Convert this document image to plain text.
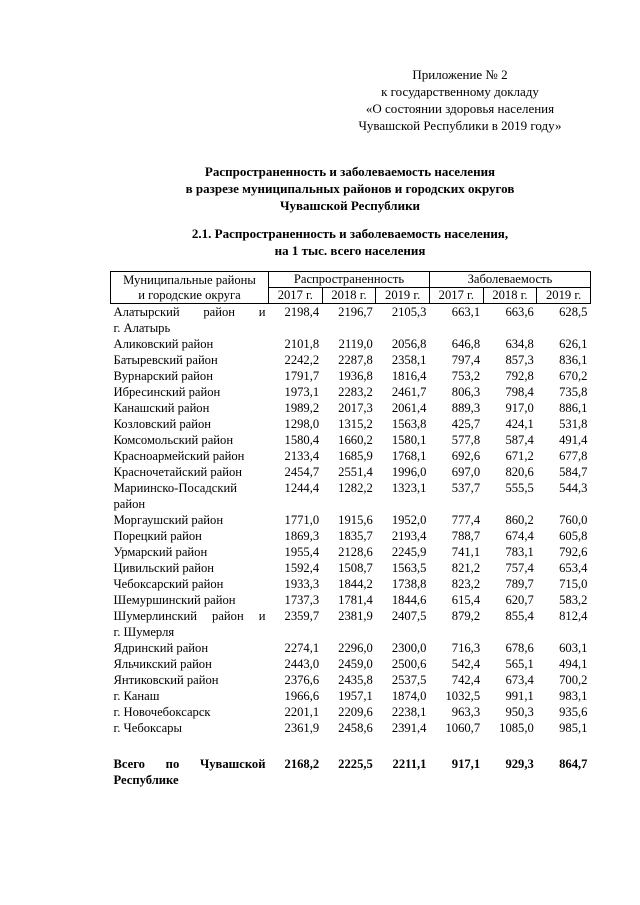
Приложение № 2
к государственному докладу
«О состоянии здоровья населения
Чувашской Республики в 2019 году»
Распространенность и заболеваемость населения
в разрезе муниципальных районов и городских округов
Чувашской Республики
2.1. Распространенность и заболеваемость населения,
на 1 тыс. всего населения
Муниципальные районы
и городские округа	Распространенность			Заболеваемость		
	2017 г.	2018 г.	2019 г.	2017 г.	2018 г.	2019 г.

Алатырский район и
г. Алатырь	2198,4	2196,7	2105,3	663,1	663,6	628,5

Аликовский район	2101,8	2119,0	2056,8	646,8	634,8	626,1

Батыревский район	2242,2	2287,8	2358,1	797,4	857,3	836,1

Вурнарский район	1791,7	1936,8	1816,4	753,2	792,8	670,2

Ибресинский район	1973,1	2283,2	2461,7	806,3	798,4	735,8

Канашский район	1989,2	2017,3	2061,4	889,3	917,0	886,1

Козловский район	1298,0	1315,2	1563,8	425,7	424,1	531,8

Комсомольский район	1580,4	1660,2	1580,1	577,8	587,4	491,4

Красноармейский район	2133,4	1685,9	1768,1	692,6	671,2	677,8

Красночетайский район	2454,7	2551,4	1996,0	697,0	820,6	584,7

Мариинско-Посадский
район	1244,4	1282,2	1323,1	537,7	555,5	544,3

Моргаушский район	1771,0	1915,6	1952,0	777,4	860,2	760,0

Порецкий район	1869,3	1835,7	2193,4	788,7	674,4	605,8

Урмарский район	1955,4	2128,6	2245,9	741,1	783,1	792,6

Цивильский район	1592,4	1508,7	1563,5	821,2	757,4	653,4

Чебоксарский район	1933,3	1844,2	1738,8	823,2	789,7	715,0

Шемуршинский район	1737,3	1781,4	1844,6	615,4	620,7	583,2

Шумерлинский район и
г. Шумерля	2359,7	2381,9	2407,5	879,2	855,4	812,4

Ядринский район	2274,1	2296,0	2300,0	716,3	678,6	603,1

Яльчикский район	2443,0	2459,0	2500,6	542,4	565,1	494,1

Янтиковский район	2376,6	2435,8	2537,5	742,4	673,4	700,2

г. Канаш	1966,6	1957,1	1874,0	1032,5	991,1	983,1

г. Новочебоксарск	2201,1	2209,6	2238,1	963,3	950,3	935,6

г. Чебоксары	2361,9	2458,6	2391,4	1060,7	1085,0	985,1

Всего по Чувашской
Республике	2168,2	2225,5	2211,1	917,1	929,3	864,7
